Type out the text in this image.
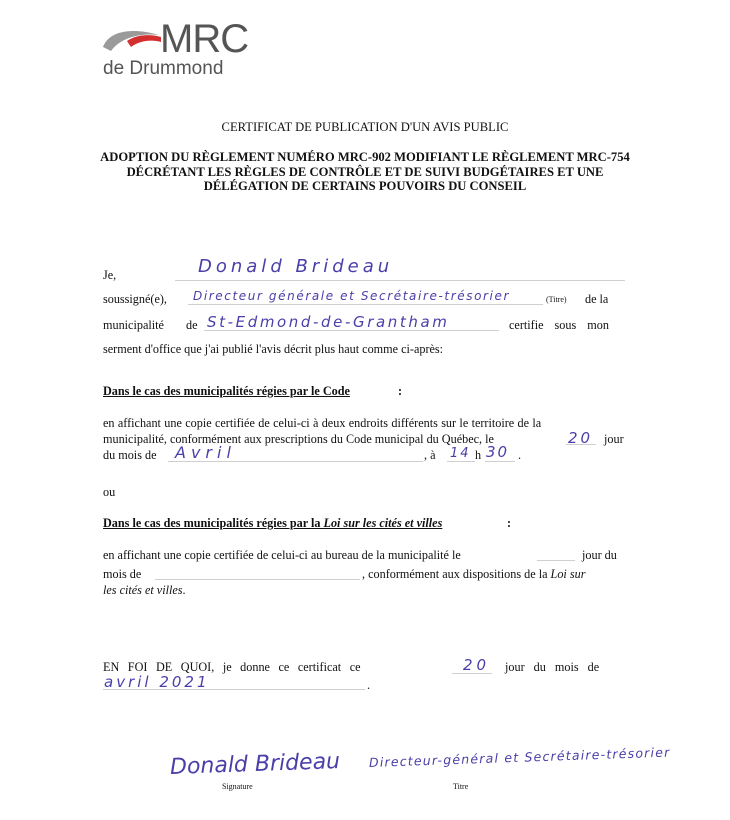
MRC
de Drummond
CERTIFICAT DE PUBLICATION D'UN AVIS PUBLIC
ADOPTION DU RÈGLEMENT NUMÉRO MRC-902 MODIFIANT LE RÈGLEMENT MRC-754 DÉCRÉTANT LES RÈGLES DE CONTRÔLE ET DE SUIVI BUDGÉTAIRES ET UNE DÉLÉGATION DE CERTAINS POUVOIRS DU CONSEIL
Je,	Donald Brideau
soussigné(e), Directeur générale et Secrétaire-trésorier	(Titre) de la
municipalité de St-Edmond-de-Grantham	certifie sous mon
serment d'office que j'ai publié l'avis décrit plus haut comme ci-après:
Dans le cas des municipalités régies par le Code	:
en affichant une copie certifiée de celui-ci à deux endroits différents sur le territoire de la
municipalité, conformément aux prescriptions du Code municipal du Québec, le	20 jour
du mois de Avril	, à 14 h 30 .
ou
Dans le cas des municipalités régies par la Loi sur les cités et villes	:
en affichant une copie certifiée de celui-ci au bureau de la municipalité le	jour du
mois de	, conformément aux dispositions de la Loi sur
les cités et villes.
EN FOI DE QUOI, je donne ce certificat ce	20 jour du mois de
avril 2021	.
Donald Brideau
Signature
Directeur-général et Secrétaire-trésorier
Titre
